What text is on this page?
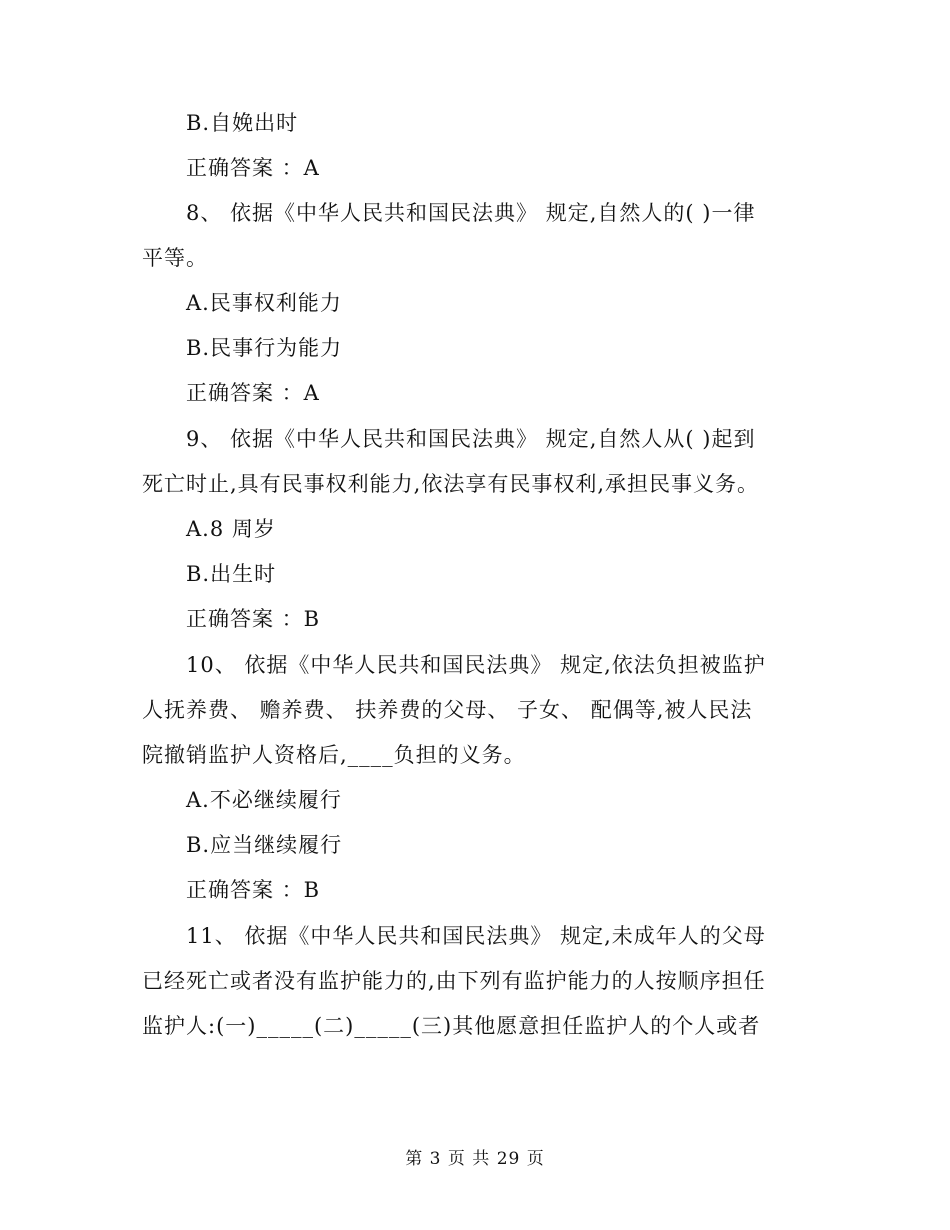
B.自娩出时
正确答案 ：A
8、 依据《中华人民共和国民法典》 规定,自然人的( )一律
平等。
A.民事权利能力
B.民事行为能力
正确答案 ：A
9、 依据《中华人民共和国民法典》 规定,自然人从( )起到
死亡时止,具有民事权利能力,依法享有民事权利,承担民事义务。
A.8 周岁
B.出生时
正确答案 ：B
10、 依据《中华人民共和国民法典》 规定,依法负担被监护
人抚养费、 赡养费、 扶养费的父母、 子女、 配偶等,被人民法
院撤销监护人资格后,____负担的义务。
A.不必继续履行
B.应当继续履行
正确答案 ：B
11、 依据《中华人民共和国民法典》 规定,未成年人的父母
已经死亡或者没有监护能力的,由下列有监护能力的人按顺序担任
监护人:(一)_____(二)_____(三)其他愿意担任监护人的个人或者
第 3 页 共 29 页
